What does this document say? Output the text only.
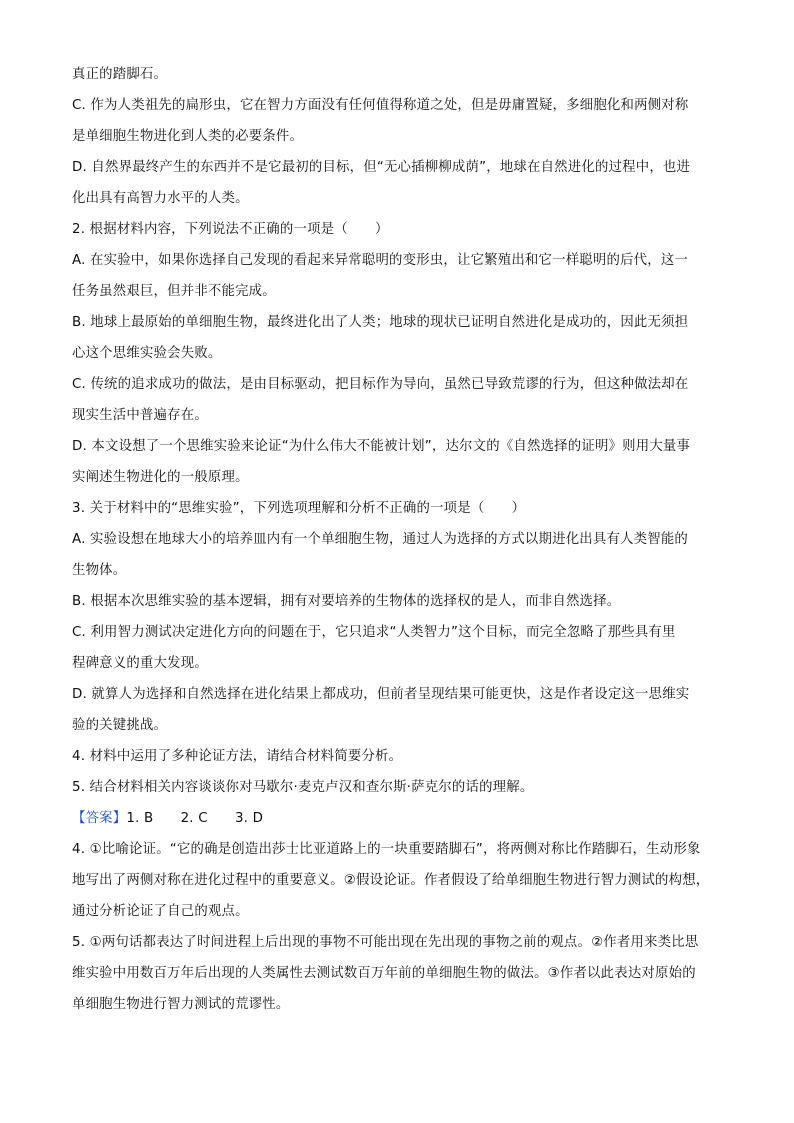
真正的踏脚石。
C. 作为人类祖先的扁形虫，它在智力方面没有任何值得称道之处，但是毋庸置疑，多细胞化和两侧对称
是单细胞生物进化到人类的必要条件。
D. 自然界最终产生的东西并不是它最初的目标，但“无心插柳柳成荫”，地球在自然进化的过程中，也进
化出具有高智力水平的人类。
2. 根据材料内容，下列说法不正确的一项是（　　）
A. 在实验中，如果你选择自己发现的看起来异常聪明的变形虫，让它繁殖出和它一样聪明的后代，这一
任务虽然艰巨，但并非不能完成。
B. 地球上最原始的单细胞生物，最终进化出了人类；地球的现状已证明自然进化是成功的，因此无须担
心这个思维实验会失败。
C. 传统的追求成功的做法，是由目标驱动，把目标作为导向，虽然已导致荒谬的行为，但这种做法却在
现实生活中普遍存在。
D. 本文设想了一个思维实验来论证“为什么伟大不能被计划”，达尔文的《自然选择的证明》则用大量事
实阐述生物进化的一般原理。
3. 关于材料中的“思维实验”，下列选项理解和分析不正确的一项是（　　）
A. 实验设想在地球大小的培养皿内有一个单细胞生物，通过人为选择的方式以期进化出具有人类智能的
生物体。
B. 根据本次思维实验的基本逻辑，拥有对要培养的生物体的选择权的是人，而非自然选择。
C. 利用智力测试决定进化方向的问题在于，它只追求“人类智力”这个目标，而完全忽略了那些具有里
程碑意义的重大发现。
D. 就算人为选择和自然选择在进化结果上都成功，但前者呈现结果可能更快，这是作者设定这一思维实
验的关键挑战。
4. 材料中运用了多种论证方法，请结合材料简要分析。
5. 结合材料相关内容谈谈你对马歇尔·麦克卢汉和查尔斯·萨克尔的话的理解。
【答案】1. B　　2. C　　3. D
4. ①比喻论证。“它的确是创造出莎士比亚道路上的一块重要踏脚石”，将两侧对称比作踏脚石，生动形象
地写出了两侧对称在进化过程中的重要意义。②假设论证。作者假设了给单细胞生物进行智力测试的构想，
通过分析论证了自己的观点。
5. ①两句话都表达了时间进程上后出现的事物不可能出现在先出现的事物之前的观点。②作者用来类比思
维实验中用数百万年后出现的人类属性去测试数百万年前的单细胞生物的做法。③作者以此表达对原始的
单细胞生物进行智力测试的荒谬性。
